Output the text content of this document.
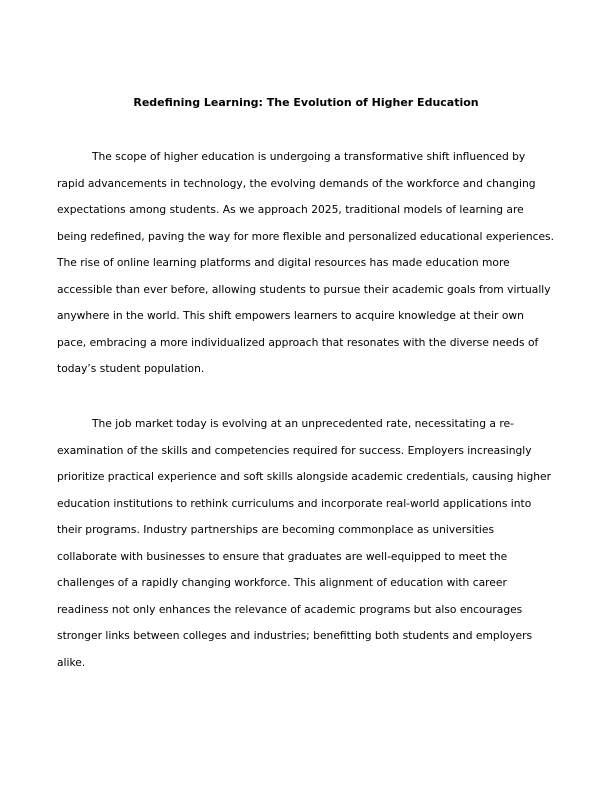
Redefining Learning: The Evolution of Higher Education

The scope of higher education is undergoing a transformative shift influenced by rapid advancements in technology, the evolving demands of the workforce and changing expectations among students. As we approach 2025, traditional models of learning are being redefined, paving the way for more flexible and personalized educational experiences. The rise of online learning platforms and digital resources has made education more accessible than ever before, allowing students to pursue their academic goals from virtually anywhere in the world. This shift empowers learners to acquire knowledge at their own pace, embracing a more individualized approach that resonates with the diverse needs of today’s student population.

The job market today is evolving at an unprecedented rate, necessitating a re-examination of the skills and competencies required for success. Employers increasingly prioritize practical experience and soft skills alongside academic credentials, causing higher education institutions to rethink curriculums and incorporate real-world applications into their programs. Industry partnerships are becoming commonplace as universities collaborate with businesses to ensure that graduates are well-equipped to meet the challenges of a rapidly changing workforce. This alignment of education with career readiness not only enhances the relevance of academic programs but also encourages stronger links between colleges and industries; benefitting both students and employers alike.
